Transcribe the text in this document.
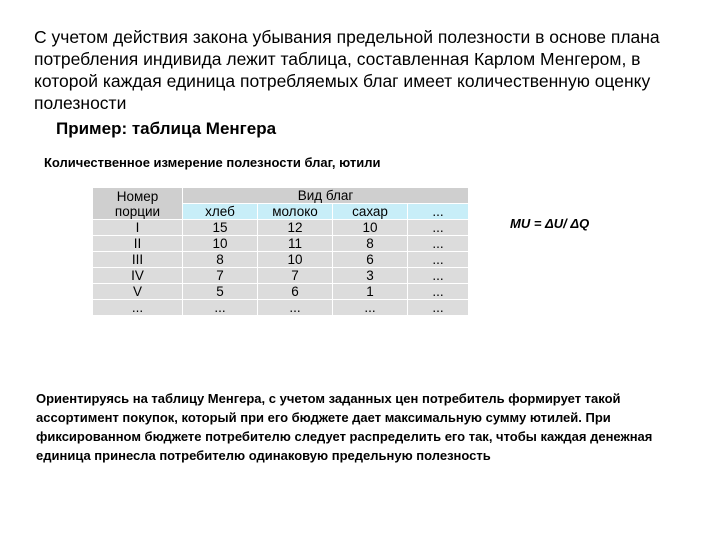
С учетом действия закона убывания предельной полезности в основе плана потребления индивида лежит таблица, составленная Карлом Менгером, в которой каждая единица потребляемых благ имеет количественную оценку полезности

Пример: таблица Менгера

Количественное измерение полезности благ, ютили

Номер
порции	Вид благ			
	хлеб	молоко	сахар	...
I	15	12	10	...
II	10	11	8	...
III	8	10	6	...
IV	7	7	3	...
V	5	6	1	...
...	...	...	...	...

MU = ΔU/ ΔQ

Ориентируясь на таблицу Менгера, с учетом заданных цен потребитель формирует такой ассортимент покупок, который при его бюджете дает максимальную сумму ютилей. При фиксированном бюджете потребителю следует распределить его так, чтобы каждая денежная единица принесла потребителю одинаковую предельную полезность
